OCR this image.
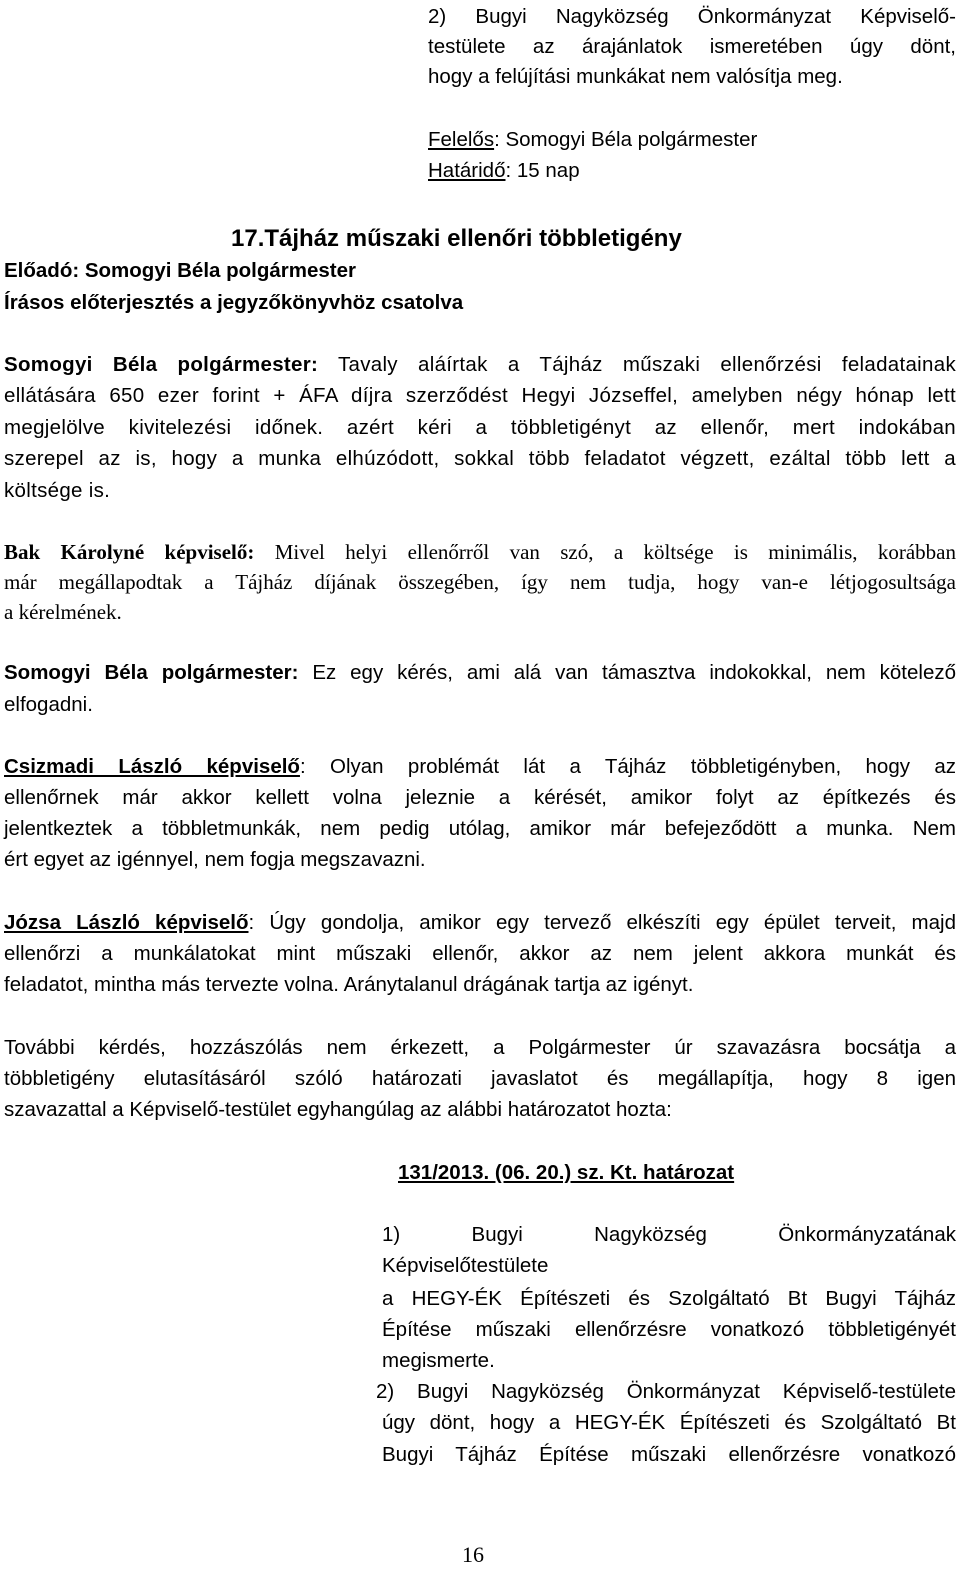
2) Bugyi Nagyközség Önkormányzat Képviselő-
testülete az árajánlatok ismeretében úgy dönt,
hogy a felújítási munkákat nem valósítja meg.
Felelős: Somogyi Béla polgármester
Határidő: 15 nap
17.Tájház műszaki ellenőri többletigény
Előadó: Somogyi Béla polgármester
Írásos előterjesztés a jegyzőkönyvhöz csatolva
Somogyi Béla polgármester: Tavaly aláírtak a Tájház műszaki ellenőrzési feladatainak
ellátására 650 ezer forint + ÁFA díjra szerződést Hegyi Józseffel, amelyben négy hónap lett
megjelölve kivitelezési időnek. azért kéri a többletigényt az ellenőr, mert indokában
szerepel az is, hogy a munka elhúzódott, sokkal több feladatot végzett, ezáltal több lett a
költsége is.
Bak Károlyné képviselő: Mivel helyi ellenőrről van szó, a költsége is minimális, korábban
már megállapodtak a Tájház díjának összegében, így nem tudja, hogy van-e létjogosultsága
a kérelmének.
Somogyi Béla polgármester: Ez egy kérés, ami alá van támasztva indokokkal, nem kötelező
elfogadni.
Csizmadi László képviselő: Olyan problémát lát a Tájház többletigényben, hogy az
ellenőrnek már akkor kellett volna jeleznie a kérését, amikor folyt az építkezés és
jelentkeztek a többletmunkák, nem pedig utólag, amikor már befejeződött a munka. Nem
ért egyet az igénnyel, nem fogja megszavazni.
Józsa László képviselő: Úgy gondolja, amikor egy tervező elkészíti egy épület terveit, majd
ellenőrzi a munkálatokat mint műszaki ellenőr, akkor az nem jelent akkora munkát és
feladatot, mintha más tervezte volna. Aránytalanul drágának tartja az igényt.
További kérdés, hozzászólás nem érkezett, a Polgármester úr szavazásra bocsátja a
többletigény elutasításáról szóló határozati javaslatot és megállapítja, hogy 8 igen
szavazattal a Képviselő-testület egyhangúlag az alábbi határozatot hozta:
131/2013. (06. 20.) sz. Kt. határozat
1) Bugyi Nagyközség Önkormányzatának
Képviselőtestülete
a HEGY-ÉK Építészeti és Szolgáltató Bt Bugyi Tájház
Építése műszaki ellenőrzésre vonatkozó többletigényét
megismerte.
2) Bugyi Nagyközség Önkormányzat Képviselő-testülete
úgy dönt, hogy a HEGY-ÉK Építészeti és Szolgáltató Bt
Bugyi Tájház Építése műszaki ellenőrzésre vonatkozó
16
